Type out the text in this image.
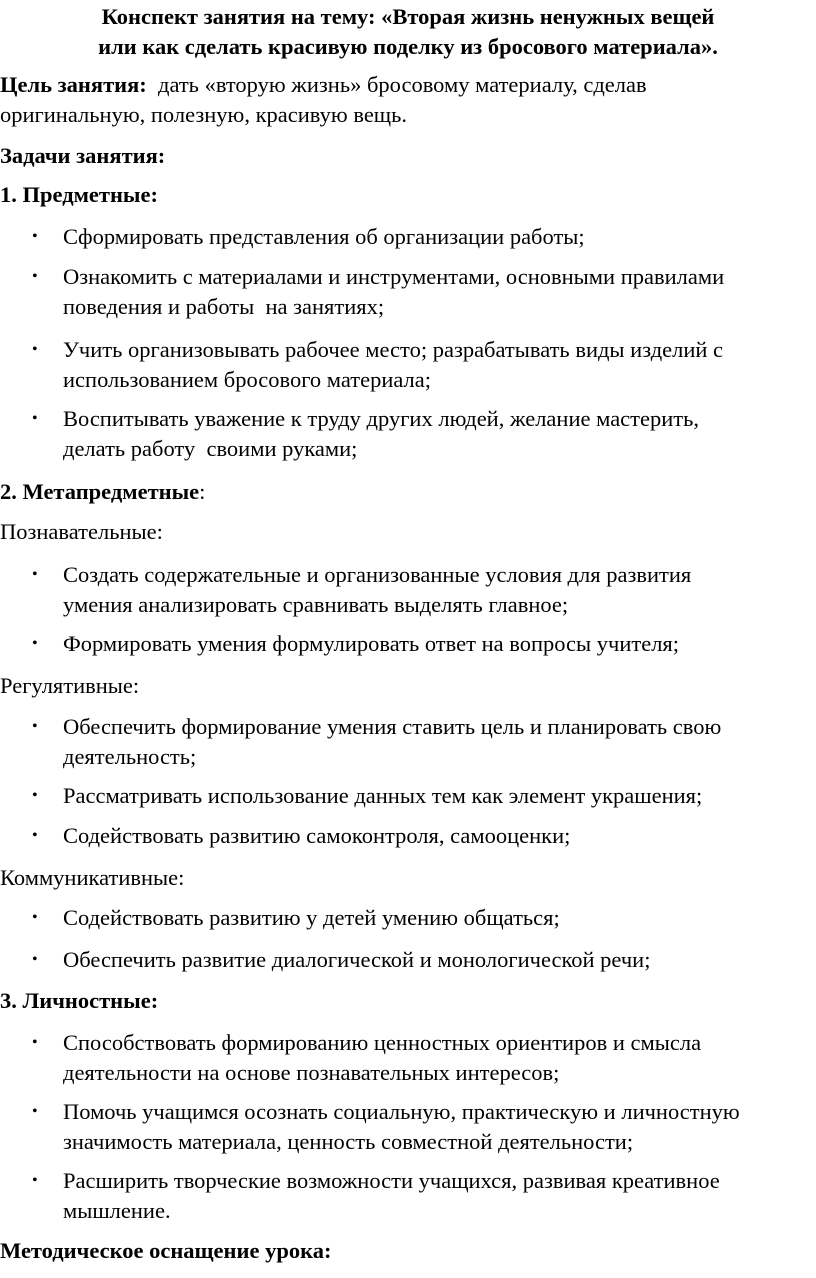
Конспект занятия на тему: «Вторая жизнь ненужных вещей
или как сделать красивую поделку из бросового материала».
Цель занятия:  дать «вторую жизнь» бросовому материалу, сделав
оригинальную, полезную, красивую вещь.
Задачи занятия:
1. Предметные:
• Сформировать представления об организации работы;
• Ознакомить с материалами и инструментами, основными правилами
поведения и работы  на занятиях;
• Учить организовывать рабочее место; разрабатывать виды изделий с
использованием бросового материала;
• Воспитывать уважение к труду других людей, желание мастерить,
делать работу  своими руками;
• Создать содержательные и организованные условия для развития
умения анализировать сравнивать выделять главное;
• Формировать умения формулировать ответ на вопросы учителя;
• Обеспечить формирование умения ставить цель и планировать свою
деятельность;
• Рассматривать использование данных тем как элемент украшения;
• Содействовать развитию самоконтроля, самооценки;
• Содействовать развитию у детей умению общаться;
• Обеспечить развитие диалогической и монологической речи;
• Способствовать формированию ценностных ориентиров и смысла
деятельности на основе познавательных интересов;
• Помочь учащимся осознать социальную, практическую и личностную
значимость материала, ценность совместной деятельности;
• Расширить творческие возможности учащихся, развивая креативное
мышление.
2. Метапредметные:
Познавательные:
Регулятивные:
Коммуникативные:
3. Личностные:
Методическое оснащение урока:
